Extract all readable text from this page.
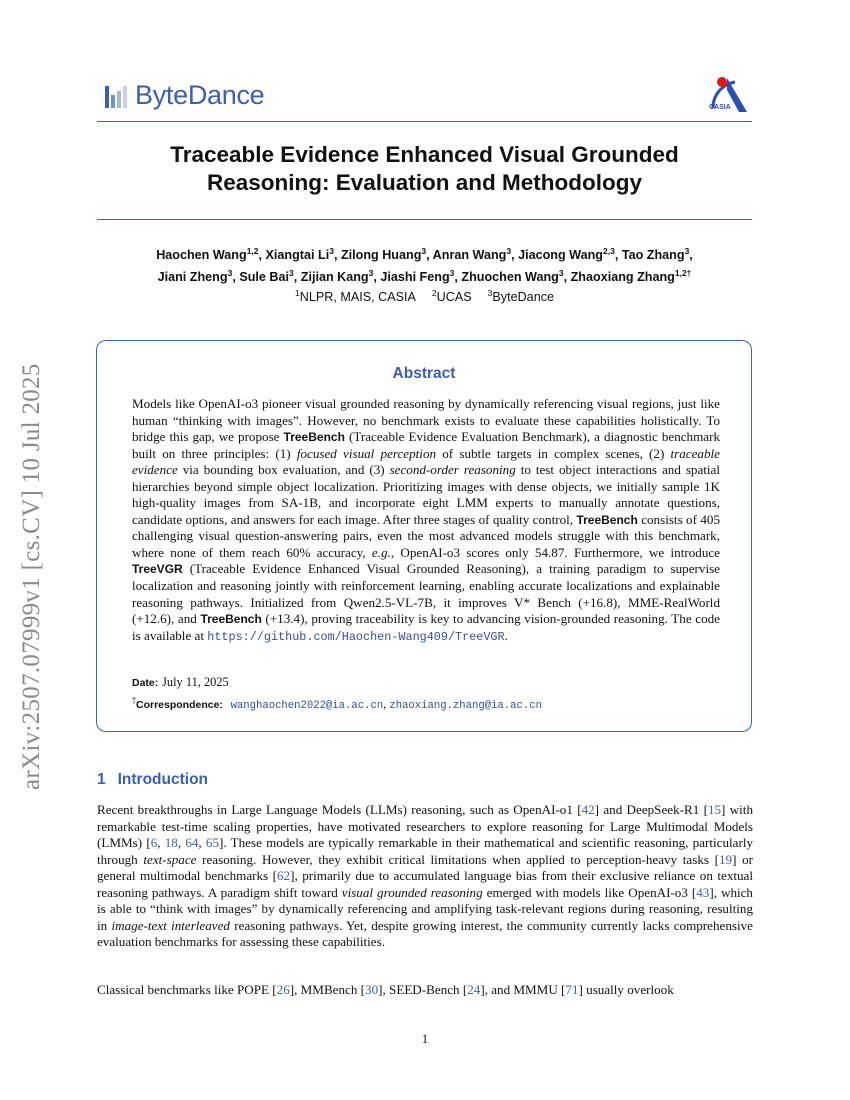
ByteDance	CASIA
Traceable Evidence Enhanced Visual Grounded
Reasoning: Evaluation and Methodology
Haochen Wang$^{1,2}$, Xiangtai Li$^3$, Zilong Huang$^3$, Anran Wang$^3$, Jiacong Wang$^{2,3}$, Tao Zhang$^3$,
Jiani Zheng$^3$, Sule Bai$^3$, Zijian Kang$^3$, Jiashi Feng$^3$, Zhuochen Wang$^3$, Zhaoxiang Zhang$^{1,2\dagger}$
$^1$NLPR, MAIS, CASIA $^2$UCAS $^3$ByteDance
arXiv:2507.07999v1 [cs.CV] 10 Jul 2025	Abstract
Models like OpenAI-o3 pioneer visual grounded reasoning by dynamically referencing visual regions, just like human “thinking with images”. However, no benchmark exists to evaluate these capabilities holistically. To bridge this gap, we propose TreeBench (Traceable Evidence Evaluation Benchmark), a diagnostic benchmark built on three principles: (1) focused visual perception of subtle targets in complex scenes, (2) traceable evidence via bounding box evaluation, and (3) second-order reasoning to test object interactions and spatial hierarchies beyond simple object localization. Prioritizing images with dense objects, we initially sample 1K high-quality images from SA-1B, and incorporate eight LMM experts to manually annotate questions, candidate options, and answers for each image. After three stages of quality control, TreeBench consists of 405 challenging visual question-answering pairs, even the most advanced models struggle with this benchmark, where none of them reach 60% accuracy, e.g., OpenAI-o3 scores only 54.87. Furthermore, we introduce TreeVGR (Traceable Evidence Enhanced Visual Grounded Reasoning), a training paradigm to supervise localization and reasoning jointly with reinforcement learning, enabling accurate localizations and explainable reasoning pathways. Initialized from Qwen2.5-VL-7B, it improves V* Bench (+16.8), MME-RealWorld (+12.6), and TreeBench (+13.4), proving traceability is key to advancing vision-grounded reasoning. The code is available at https://github.com/Haochen-Wang409/TreeVGR.
Date: July 11, 2025
†Correspondence: wanghaochen2022@ia.ac.cn, zhaoxiang.zhang@ia.ac.cn
1 Introduction
Recent breakthroughs in Large Language Models (LLMs) reasoning, such as OpenAI-o1 [42] and DeepSeek-R1 [15] with remarkable test-time scaling properties, have motivated researchers to explore reasoning for Large Multimodal Models (LMMs) [6, 18, 64, 65]. These models are typically remarkable in their mathematical and scientific reasoning, particularly through text-space reasoning. However, they exhibit critical limitations when applied to perception-heavy tasks [19] or general multimodal benchmarks [62], primarily due to accumulated language bias from their exclusive reliance on textual reasoning pathways. A paradigm shift toward visual grounded reasoning emerged with models like OpenAI-o3 [43], which is able to “think with images” by dynamically referencing and amplifying task-relevant regions during reasoning, resulting in image-text interleaved reasoning pathways. Yet, despite growing interest, the community currently lacks comprehensive evaluation benchmarks for assessing these capabilities.
Classical benchmarks like POPE [26], MMBench [30], SEED-Bench [24], and MMMU [71] usually overlook
1
